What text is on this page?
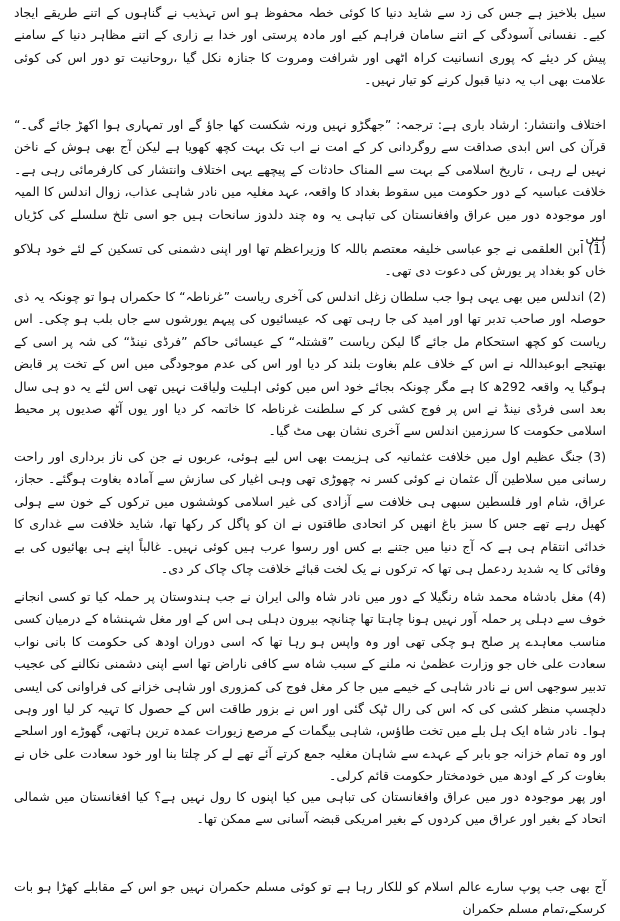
سیل بلاخیز ہے جس کی زد سے شاید دنیا کا کوئی خطہ محفوظ ہو اس تہذیب نے گناہوں کے اتنے طریقے ایجاد کیے۔ نفسانی آسودگی کے اتنے سامان فراہم کیے اور مادہ پرستی اور خدا بے زاری کے اتنے مظاہر دنیا کے سامنے پیش کر دیئے کہ پوری انسانیت کراہ اٹھی اور شرافت ومروت کا جنازہ نکل گیا ،روحانیت تو دور اس کی کوئی علامت بھی اب یہ دنیا قبول کرنے کو تیار نہیں۔

اختلاف وانتشار: ارشاد باری ہے: ترجمہ: ”جھگڑو نہیں ورنہ شکست کھا جاؤ گے اور تمہاری ہوا اکھڑ جائے گی۔“ قرآن کی اس ابدی صداقت سے روگردانی کر کے امت نے اب تک بہت کچھ کھویا ہے لیکن آج بھی ہوش کے ناخن نہیں لے رہی ، تاریخ اسلامی کے بہت سے المناک حادثات کے پیچھے یہی اختلاف وانتشار کی کارفرمائی رہی ہے۔ خلافت عباسیہ کے دور حکومت میں سقوط بغداد کا واقعہ، عہد مغلیہ میں نادر شاہی عذاب، زوال اندلس کا المیہ اور موجودہ دور میں عراق وافغانستان کی تباہی یہ وہ چند دلدوز سانحات ہیں جو اسی تلخ سلسلے کی کڑیاں ہیں۔

(1) ابن العلقمی نے جو عباسی خلیفہ معتصم باللہ کا وزیراعظم تھا اور اپنی دشمنی کی تسکین کے لئے خود ہلاکو خاں کو بغداد پر یورش کی دعوت دی تھی۔

(2) اندلس میں بھی یہی ہوا جب سلطان زغل اندلس کی آخری ریاست ”غرناطہ“ کا حکمراں ہوا تو چونکہ یہ ذی حوصلہ اور صاحب تدبر تھا اور امید کی جا رہی تھی کہ عیسائیوں کی پیہم یورشوں سے جاں بلب ہو چکی۔ اس ریاست کو کچھ استحکام مل جائے گا لیکن ریاست ”قشتلہ“ کے عیسائی حاکم ”فرڈی نینڈ“ کی شہ پر اسی کے بھتیجے ابوعبداللہ نے اس کے خلاف علم بغاوت بلند کر دیا اور اس کی عدم موجودگی میں اس کے تخت پر قابض ہوگیا یہ واقعہ 292ھ کا ہے مگر چونکہ بجائے خود اس میں کوئی اہلیت ولیاقت نہیں تھی اس لئے یہ دو ہی سال بعد اسی فرڈی نینڈ نے اس پر فوج کشی کر کے سلطنت غرناطہ کا خاتمہ کر دیا اور یوں آٹھ صدیوں پر محیط اسلامی حکومت کا سرزمین اندلس سے آخری نشان بھی مٹ گیا۔

(3) جنگ عظیم اول میں خلافت عثمانیہ کی ہزیمت بھی اس لیے ہوئی، عربوں نے جن کی ناز برداری اور راحت رسانی میں سلاطین آل عثمان نے کوئی کسر نہ چھوڑی تھی وہی اغیار کی سازش سے آمادہ بغاوت ہوگئے۔ حجاز، عراق، شام اور فلسطین سبھی ہی خلافت سے آزادی کی غیر اسلامی کوششوں میں ترکوں کے خون سے ہولی کھیل رہے تھے جس کا سبز باغ انھیں کر اتحادی طاقتوں نے ان کو پاگل کر رکھا تھا، شاید خلافت سے غداری کا خدائی انتقام ہی ہے کہ آج دنیا میں جتنے بے کس اور رسوا عرب ہیں کوئی نہیں۔ غالباً اپنے ہی بھائیوں کی بے وفائی کا یہ شدید ردعمل ہی تھا کہ ترکوں نے یک لخت قبائے خلافت چاک چاک کر دی۔

(4) مغل بادشاہ محمد شاہ رنگیلا کے دور میں نادر شاہ والی ایران نے جب ہندوستان پر حملہ کیا تو کسی انجانے خوف سے دہلی پر حملہ آور نہیں ہونا چاہتا تھا چنانچہ بیرون دہلی ہی اس کے اور مغل شہنشاہ کے درمیان کسی مناسب معاہدے پر صلح ہو چکی تھی اور وہ واپس ہو رہا تھا کہ اسی دوران اودھ کی حکومت کا بانی نواب سعادت علی خاں جو وزارت عظمیٰ نہ ملنے کے سبب شاہ سے کافی ناراض تھا اسے اپنی دشمنی نکالنے کی عجیب تدبیر سوجھی اس نے نادر شاہی کے خیمے میں جا کر مغل فوج کی کمزوری اور شاہی خزانے کی فراوانی کی ایسی دلچسپ منظر کشی کی کہ اس کی رال ٹپک گئی اور اس نے بزور طاقت اس کے حصول کا تہیہ کر لیا اور وہی ہوا۔ نادر شاہ ایک ہل بلے میں تخت طاؤس، شاہی بیگمات کے مرصع زیورات عمدہ ترین ہاتھی، گھوڑے اور اسلحے اور وہ تمام خزانہ جو بابر کے عہدے سے شاہان مغلیہ جمع کرتے آئے تھے لے کر چلتا بنا اور خود سعادت علی خاں نے بغاوت کر کے اودھ میں خودمختار حکومت قائم کرلی۔

اور پھر موجودہ دور میں عراق وافغانستان کی تباہی میں کیا اپنوں کا رول نہیں ہے؟ کیا افغانستان میں شمالی اتحاد کے بغیر اور عراق میں کردوں کے بغیر امریکی قبضہ آسانی سے ممکن تھا۔

آج بھی جب پوپ سارے عالم اسلام کو للکار رہا ہے تو کوئی مسلم حکمران نہیں جو اس کے مقابلے کھڑا ہو بات کرسکے،تمام مسلم حکمران
